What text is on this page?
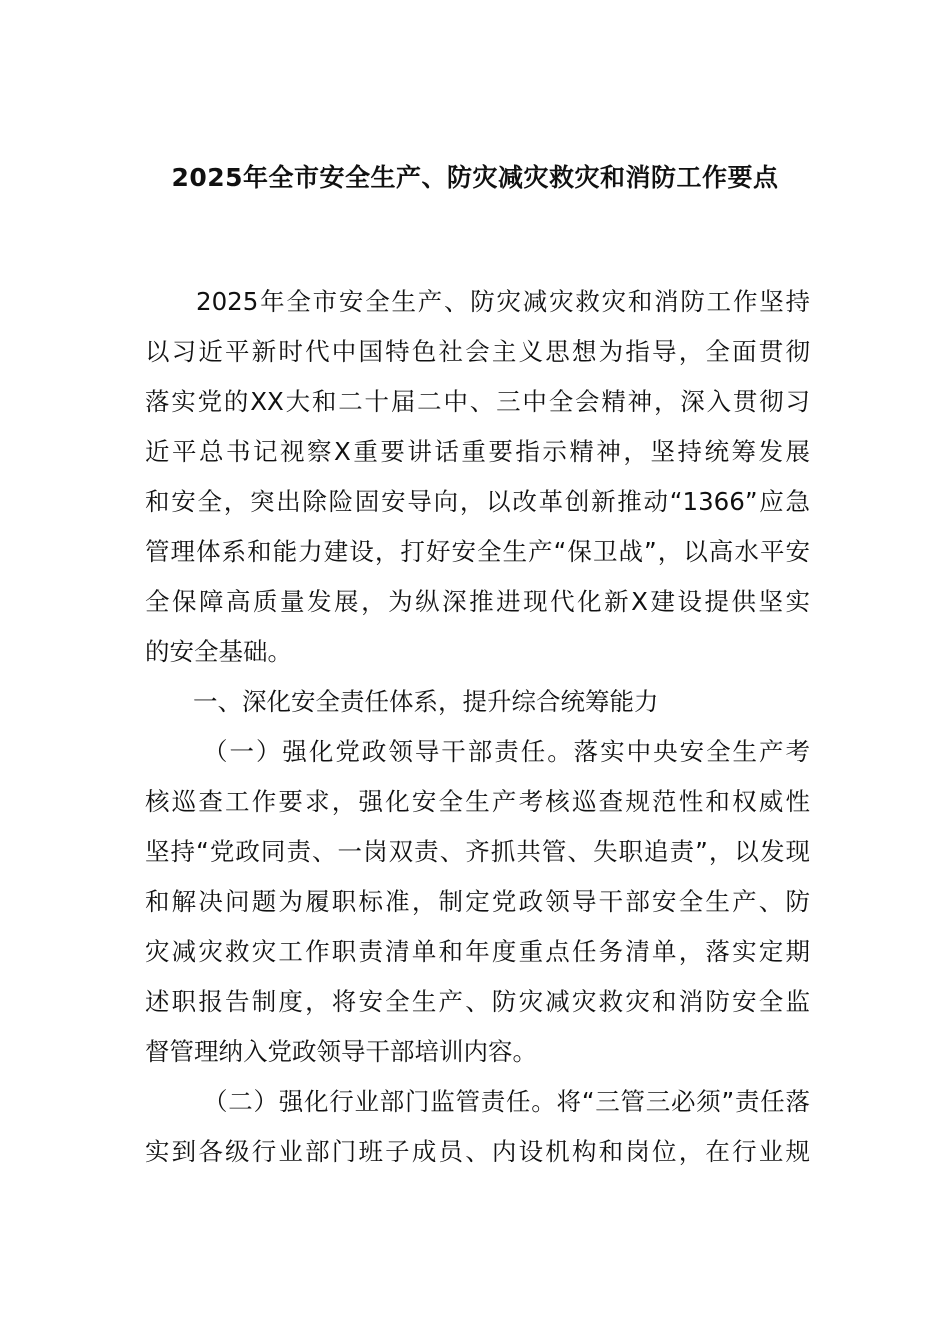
2025年全市安全生产、防灾减灾救灾和消防工作要点
2025年全市安全生产、防灾减灾救灾和消防工作坚持
以习近平新时代中国特色社会主义思想为指导，全面贯彻
落实党的XX大和二十届二中、三中全会精神，深入贯彻习
近平总书记视察X重要讲话重要指示精神，坚持统筹发展
和安全，突出除险固安导向，以改革创新推动“1366”应急
管理体系和能力建设，打好安全生产“保卫战”，以高水平安
全保障高质量发展，为纵深推进现代化新X建设提供坚实
的安全基础。
一、深化安全责任体系，提升综合统筹能力
（一）强化党政领导干部责任。落实中央安全生产考
核巡查工作要求，强化安全生产考核巡查规范性和权威性
坚持“党政同责、一岗双责、齐抓共管、失职追责”，以发现
和解决问题为履职标准，制定党政领导干部安全生产、防
灾减灾救灾工作职责清单和年度重点任务清单，落实定期
述职报告制度，将安全生产、防灾减灾救灾和消防安全监
督管理纳入党政领导干部培训内容。
（二）强化行业部门监管责任。将“三管三必须”责任落
实到各级行业部门班子成员、内设机构和岗位，在行业规
